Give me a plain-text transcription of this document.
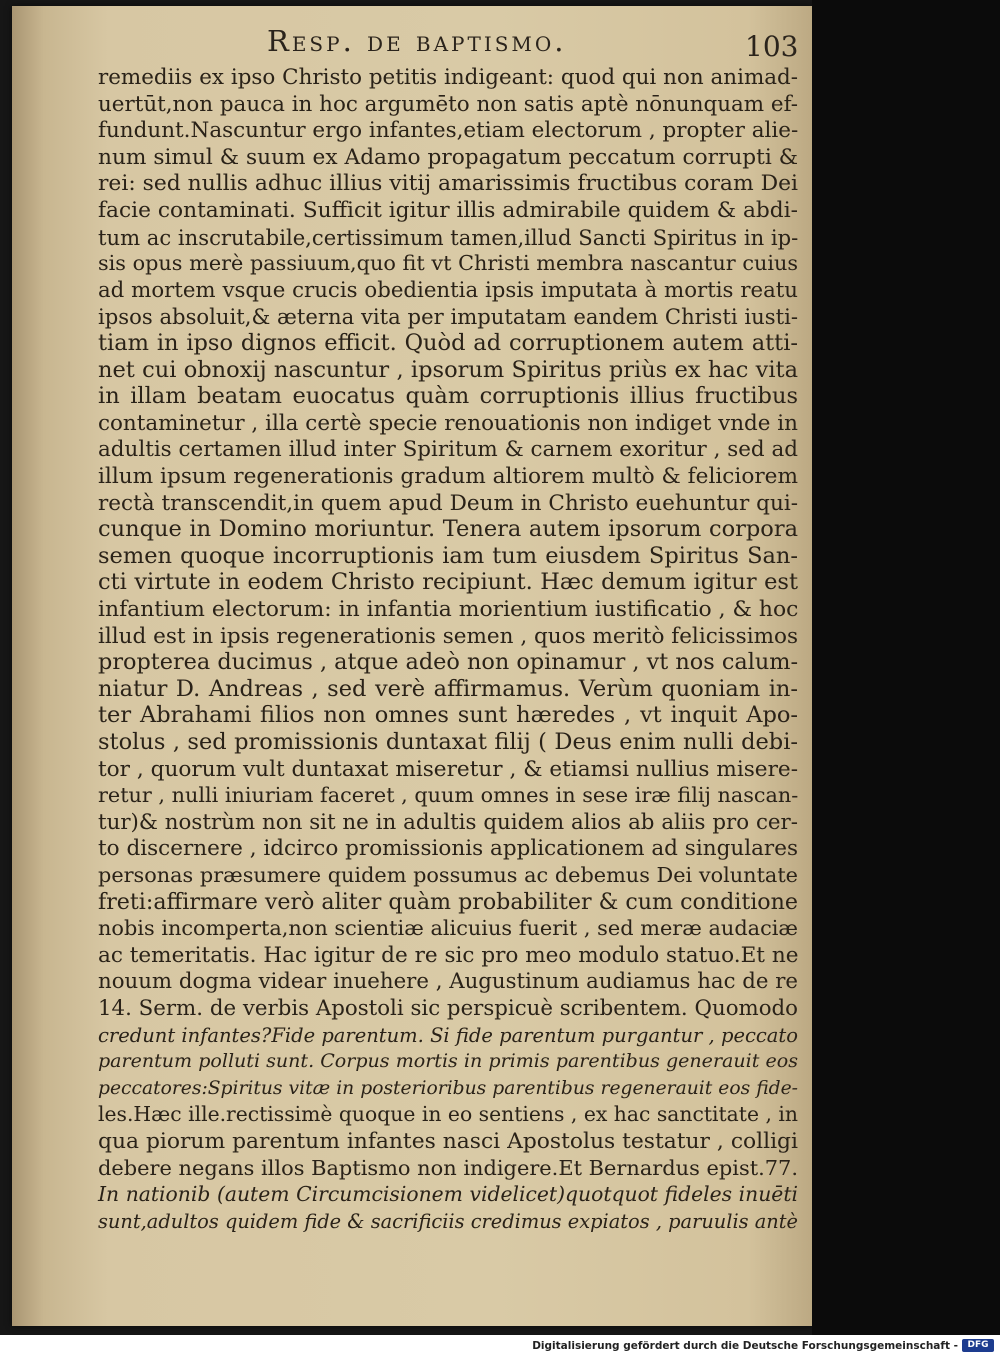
Resp. de baptismo.	103
remediis ex ipso Christo petitis indigeant: quod qui non animad-
uertūt,non pauca in hoc argumēto non satis aptè nōnunquam ef-
fundunt.Nascuntur ergo infantes,etiam electorum , propter alie-
num simul & suum ex Adamo propagatum peccatum corrupti &
rei: sed nullis adhuc illius vitij amarissimis fructibus coram Dei
facie contaminati. Sufficit igitur illis admirabile quidem & abdi-
tum ac inscrutabile,certissimum tamen,illud Sancti Spiritus in ip-
sis opus merè passiuum,quo fit vt Christi membra nascantur cuius
ad mortem vsque crucis obedientia ipsis imputata à mortis reatu
ipsos absoluit,& æterna vita per imputatam eandem Christi iusti-
tiam in ipso dignos efficit. Quòd ad corruptionem autem atti-
net cui obnoxij nascuntur , ipsorum Spiritus priùs ex hac vita
in illam beatam euocatus quàm corruptionis illius fructibus
contaminetur , illa certè specie renouationis non indiget vnde in
adultis certamen illud inter Spiritum & carnem exoritur , sed ad
illum ipsum regenerationis gradum altiorem multò & feliciorem
rectà transcendit,in quem apud Deum in Christo euehuntur qui-
cunque in Domino moriuntur. Tenera autem ipsorum corpora
semen quoque incorruptionis iam tum eiusdem Spiritus San-
cti virtute in eodem Christo recipiunt. Hæc demum igitur est
infantium electorum: in infantia morientium iustificatio , & hoc
illud est in ipsis regenerationis semen , quos meritò felicissimos
propterea ducimus , atque adeò non opinamur , vt nos calum-
niatur D. Andreas , sed verè affirmamus. Verùm quoniam in-
ter Abrahami filios non omnes sunt hæredes , vt inquit Apo-
stolus , sed promissionis duntaxat filij ( Deus enim nulli debi-
tor , quorum vult duntaxat miseretur , & etiamsi nullius misere-
retur , nulli iniuriam faceret , quum omnes in sese iræ filij nascan-
tur)& nostrùm non sit ne in adultis quidem alios ab aliis pro cer-
to discernere , idcirco promissionis applicationem ad singulares
personas præsumere quidem possumus ac debemus Dei voluntate
freti:affirmare verò aliter quàm probabiliter & cum conditione
nobis incomperta,non scientiæ alicuius fuerit , sed meræ audaciæ
ac temeritatis. Hac igitur de re sic pro meo modulo statuo.Et ne
nouum dogma videar inuehere , Augustinum audiamus hac de re
14. Serm. de verbis Apostoli sic perspicuè scribentem. Quomodo
credunt infantes?Fide parentum. Si fide parentum purgantur , peccato
parentum polluti sunt. Corpus mortis in primis parentibus generauit eos
peccatores:Spiritus vitæ in posterioribus parentibus regenerauit eos fide-
les.Hæc ille.rectissimè quoque in eo sentiens , ex hac sanctitate , in
qua piorum parentum infantes nasci Apostolus testatur , colligi
debere negans illos Baptismo non indigere.Et Bernardus epist.77.
In nationib (autem Circumcisionem videlicet)quotquot fideles inuēti
sunt,adultos quidem fide & sacrificiis credimus expiatos , paruulis antè
Digitalisierung gefördert durch die Deutsche Forschungsgemeinschaft -	DFG
